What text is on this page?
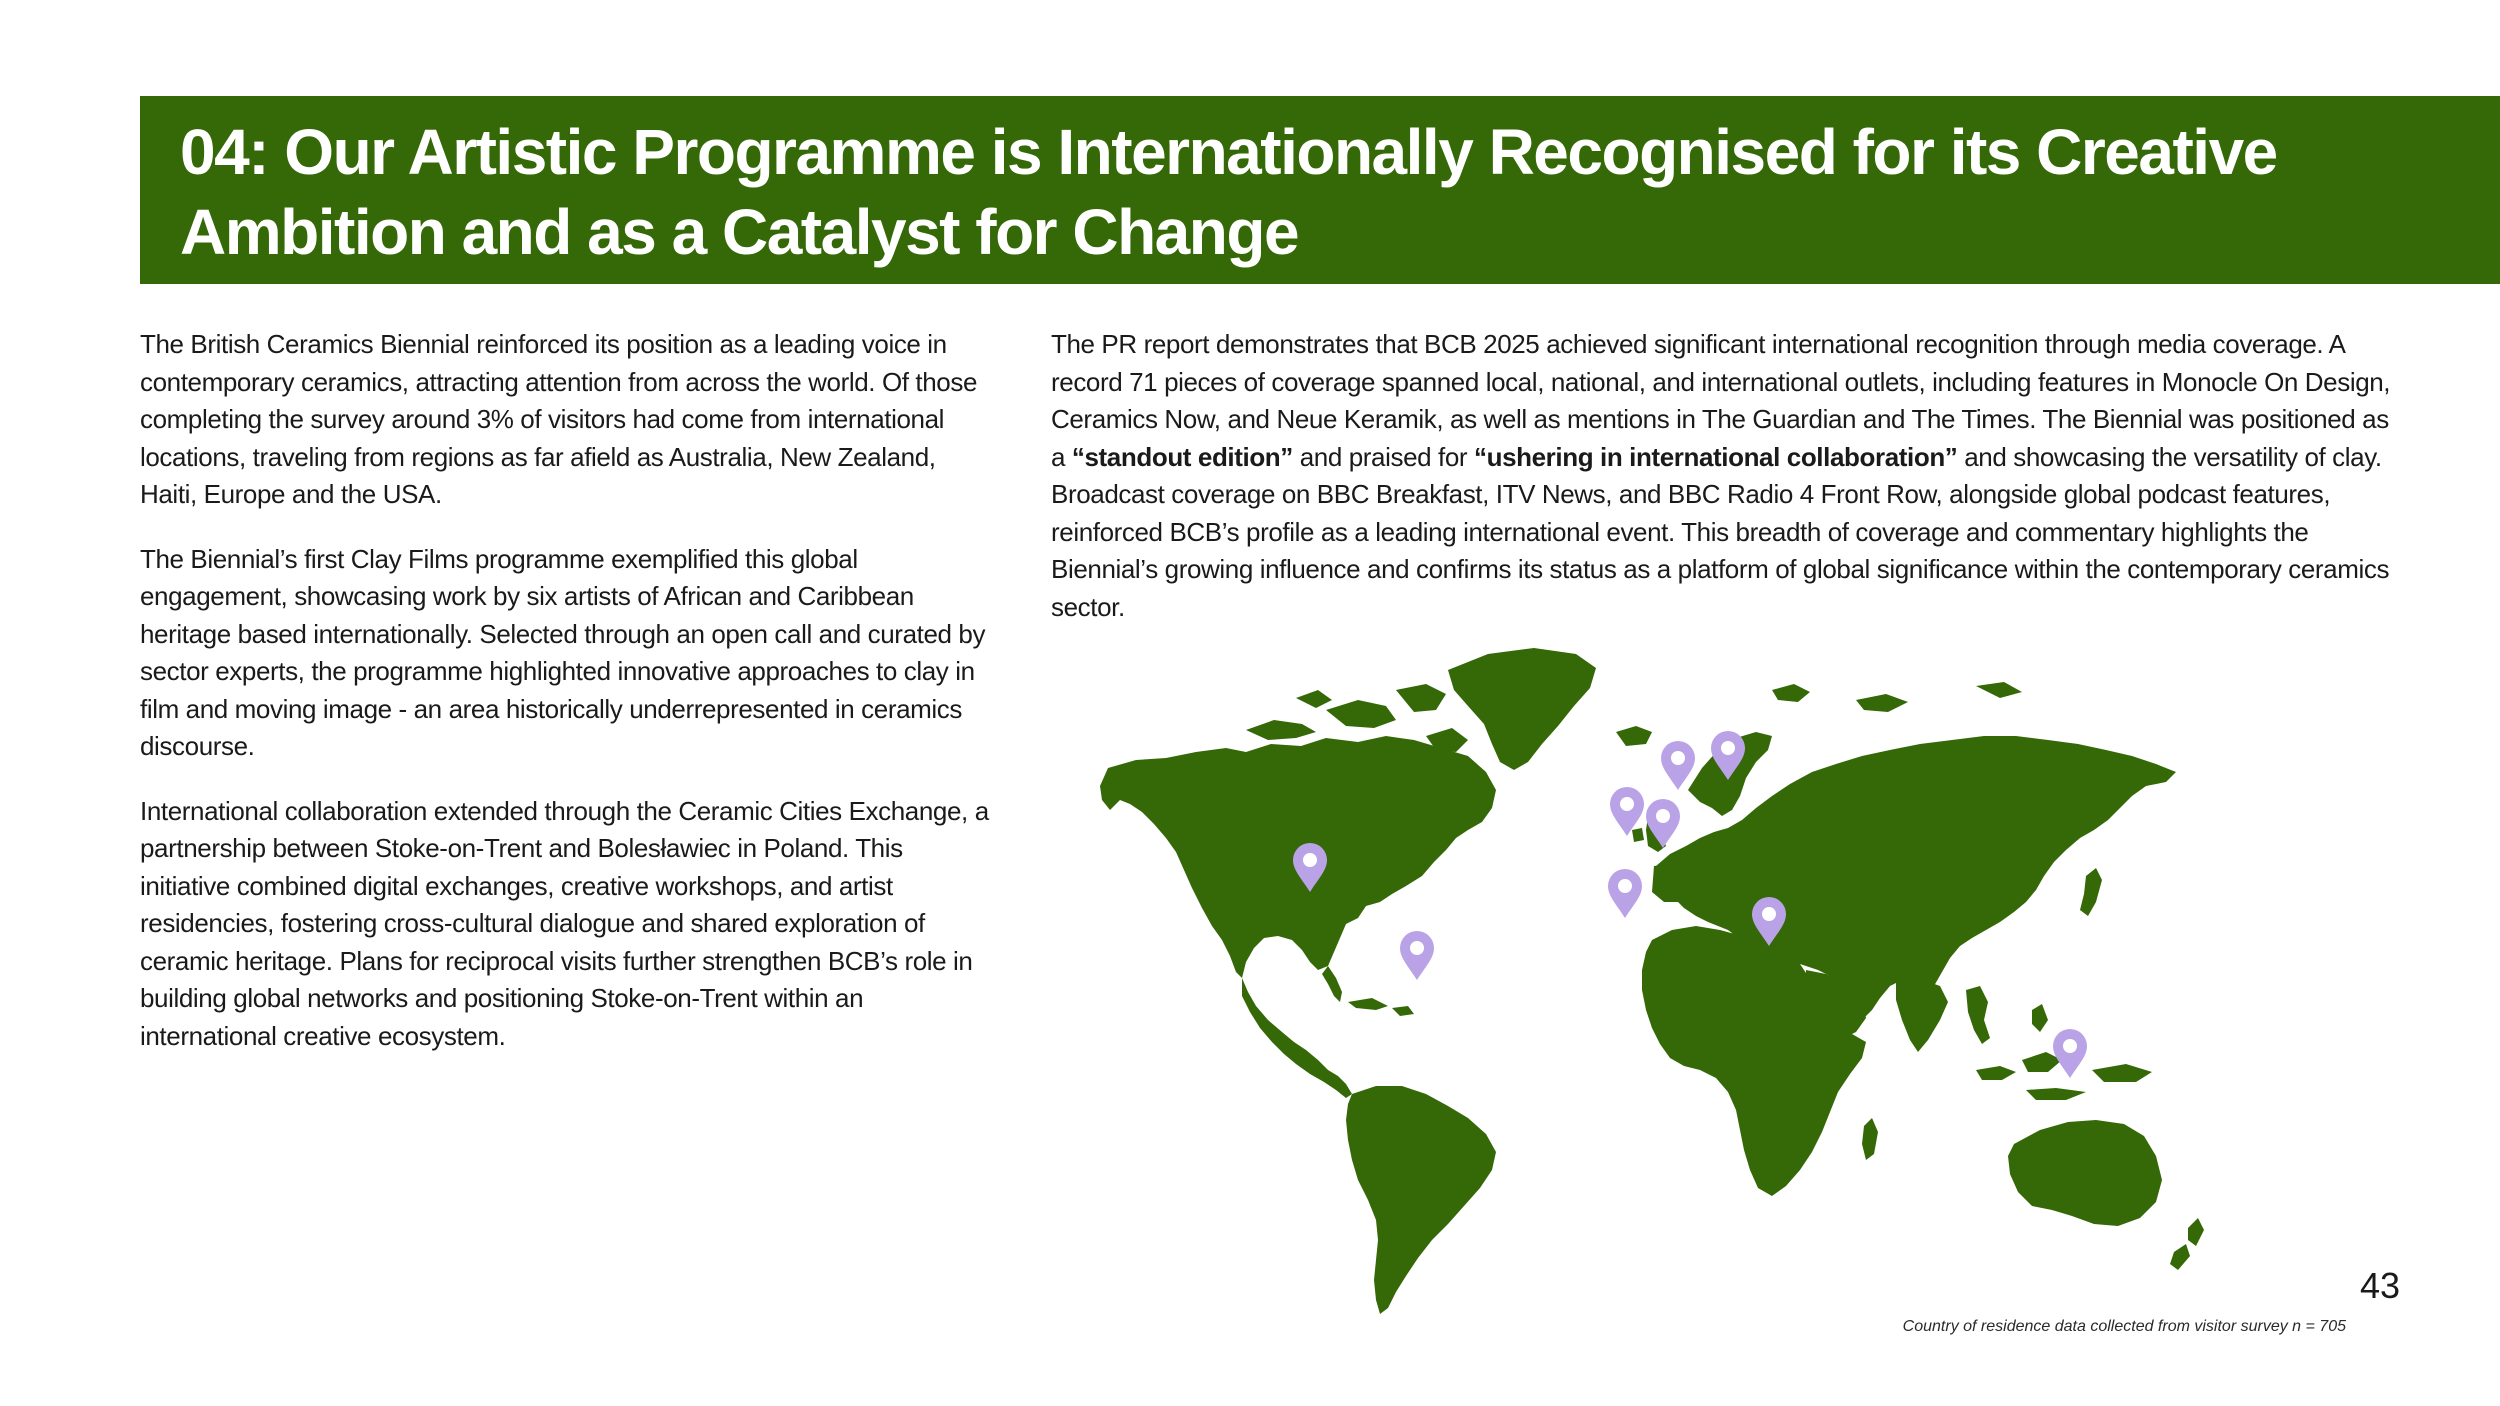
04: Our Artistic Programme is Internationally Recognised for its Creative Ambition and as a Catalyst for Change

The British Ceramics Biennial reinforced its position as a leading voice in contemporary ceramics, attracting attention from across the world. Of those completing the survey around 3% of visitors had come from international locations, traveling from regions as far afield as Australia, New Zealand, Haiti, Europe and the USA.

The Biennial’s first Clay Films programme exemplified this global engagement, showcasing work by six artists of African and Caribbean heritage based internationally. Selected through an open call and curated by sector experts, the programme highlighted innovative approaches to clay in film and moving image - an area historically underrepresented in ceramics discourse.

International collaboration extended through the Ceramic Cities Exchange, a partnership between Stoke-on-Trent and Bolesławiec in Poland. This initiative combined digital exchanges, creative workshops, and artist residencies, fostering cross-cultural dialogue and shared exploration of ceramic heritage. Plans for reciprocal visits further strengthen BCB’s role in building global networks and positioning Stoke-on-Trent within an international creative ecosystem.

The PR report demonstrates that BCB 2025 achieved significant international recognition through media coverage. A record 71 pieces of coverage spanned local, national, and international outlets, including features in Monocle On Design, Ceramics Now, and Neue Keramik, as well as mentions in The Guardian and The Times. The Biennial was positioned as a “standout edition” and praised for “ushering in international collaboration” and showcasing the versatility of clay. Broadcast coverage on BBC Breakfast, ITV News, and BBC Radio 4 Front Row, alongside global podcast features, reinforced BCB’s profile as a leading international event. This breadth of coverage and commentary highlights the Biennial’s growing influence and confirms its status as a platform of global significance within the contemporary ceramics sector.

43
Country of residence data collected from visitor survey n = 705
